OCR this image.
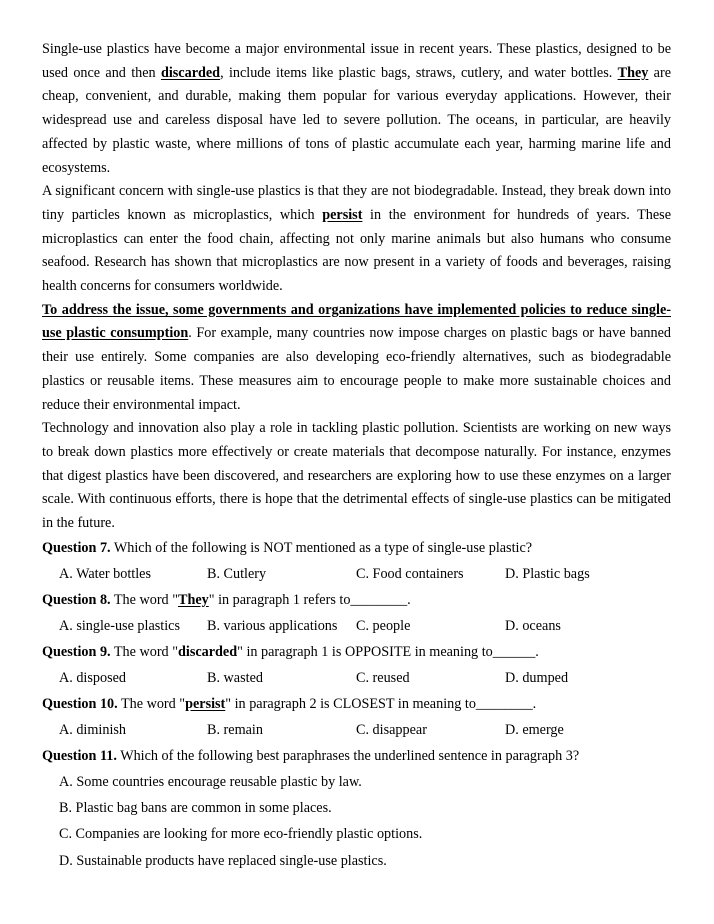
Single-use plastics have become a major environmental issue in recent years. These plastics, designed to be used once and then discarded, include items like plastic bags, straws, cutlery, and water bottles. They are cheap, convenient, and durable, making them popular for various everyday applications. However, their widespread use and careless disposal have led to severe pollution. The oceans, in particular, are heavily affected by plastic waste, where millions of tons of plastic accumulate each year, harming marine life and ecosystems.

A significant concern with single-use plastics is that they are not biodegradable. Instead, they break down into tiny particles known as microplastics, which persist in the environment for hundreds of years. These microplastics can enter the food chain, affecting not only marine animals but also humans who consume seafood. Research has shown that microplastics are now present in a variety of foods and beverages, raising health concerns for consumers worldwide.

To address the issue, some governments and organizations have implemented policies to reduce single-use plastic consumption. For example, many countries now impose charges on plastic bags or have banned their use entirely. Some companies are also developing eco-friendly alternatives, such as biodegradable plastics or reusable items. These measures aim to encourage people to make more sustainable choices and reduce their environmental impact.

Technology and innovation also play a role in tackling plastic pollution. Scientists are working on new ways to break down plastics more effectively or create materials that decompose naturally. For instance, enzymes that digest plastics have been discovered, and researchers are exploring how to use these enzymes on a larger scale. With continuous efforts, there is hope that the detrimental effects of single-use plastics can be mitigated in the future.

Question 7. Which of the following is NOT mentioned as a type of single-use plastic?

A. Water bottles	B. Cutlery	C. Food containers	D. Plastic bags

Question 8. The word "They" in paragraph 1 refers to________.

A. single-use plastics	B. various applications	C. people	D. oceans

Question 9. The word "discarded" in paragraph 1 is OPPOSITE in meaning to______.

A. disposed	B. wasted	C. reused	D. dumped

Question 10. The word "persist" in paragraph 2 is CLOSEST in meaning to________.

A. diminish	B. remain	C. disappear	D. emerge

Question 11. Which of the following best paraphrases the underlined sentence in paragraph 3?

A. Some countries encourage reusable plastic by law.

B. Plastic bag bans are common in some places.

C. Companies are looking for more eco-friendly plastic options.

D. Sustainable products have replaced single-use plastics.
